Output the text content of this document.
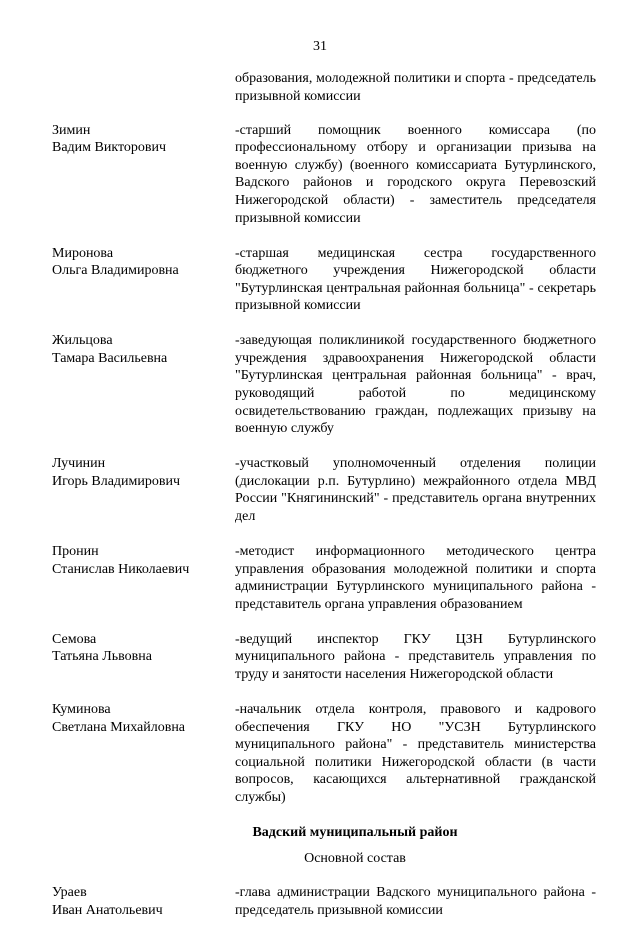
31
образования, молодежной политики и спорта - председатель призывной комиссии
Зимин
Вадим Викторович
-старший помощник военного комиссара (по профессиональному отбору и организации призыва на военную службу) (военного комиссариата Бутурлинского, Вадского районов и городского округа Перевозский Нижегородской области) - заместитель председателя призывной комиссии
Миронова
Ольга Владимировна
-старшая медицинская сестра государственного бюджетного учреждения Нижегородской области "Бутурлинская центральная районная больница" - секретарь призывной комиссии
Жильцова
Тамара Васильевна
-заведующая поликлиникой государственного бюджетного учреждения здравоохранения Нижегородской области "Бутурлинская центральная районная больница" - врач, руководящий работой по медицинскому освидетельствованию граждан, подлежащих призыву на военную службу
Лучинин
Игорь Владимирович
-участковый уполномоченный отделения полиции (дислокации р.п. Бутурлино) межрайонного отдела МВД России "Княгининский" - представитель органа внутренних дел
Пронин
Станислав Николаевич
-методист информационного методического центра управления образования молодежной политики и спорта администрации Бутурлинского муниципального района - представитель органа управления образованием
Семова
Татьяна Львовна
-ведущий инспектор ГКУ ЦЗН Бутурлинского муниципального района - представитель управления по труду и занятости населения Нижегородской области
Куминова
Светлана Михайловна
-начальник отдела контроля, правового и кадрового обеспечения ГКУ НО "УСЗН Бутурлинского муниципального района" - представитель министерства социальной политики Нижегородской области (в части вопросов, касающихся альтернативной гражданской службы)
Вадский муниципальный район
Основной состав
Ураев
Иван Анатольевич
-глава администрации Вадского муниципального района - председатель призывной комиссии
